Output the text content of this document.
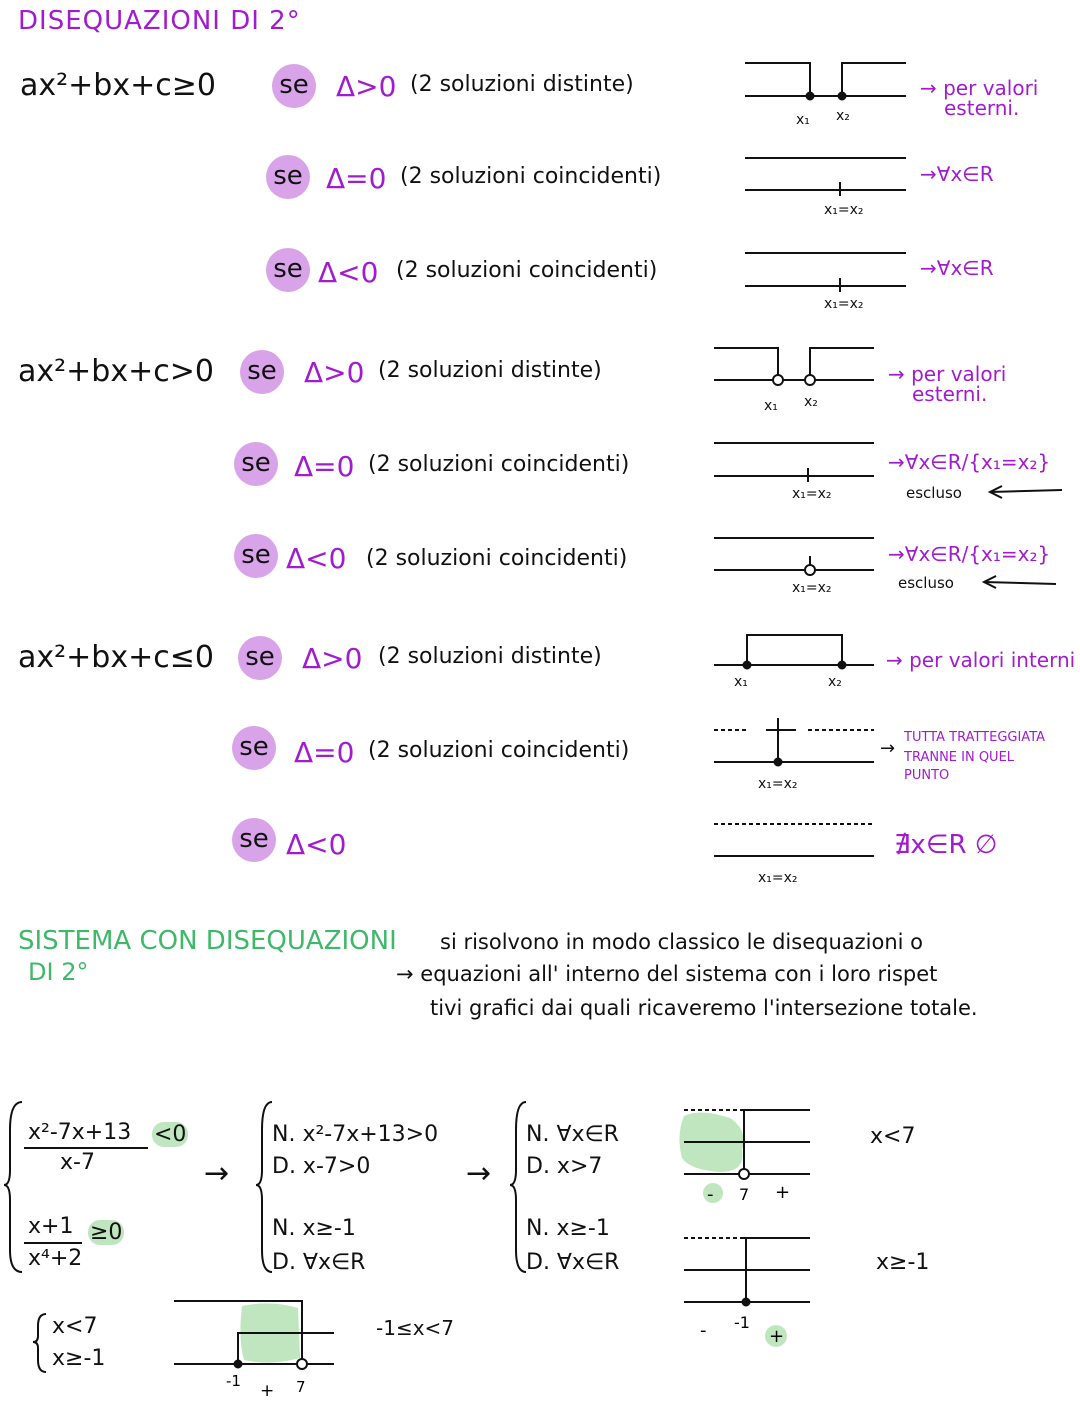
DISEQUAZIONI DI 2°
ax²+bx+c≥0 se Δ>0 (2 soluzioni distinte)	→ per valori
esterni.
se Δ=0 (2 soluzioni coincidenti)	→∀x∈R
se Δ<0 (2 soluzioni coincidenti)	→∀x∈R
ax²+bx+c>0 se Δ>0 (2 soluzioni distinte)	→ per valori
esterni.
se Δ=0 (2 soluzioni coincidenti)	→∀x∈R/{x₁=x₂}
escluso
se Δ<0 (2 soluzioni coincidenti)	→∀x∈R/{x₁=x₂}
escluso
ax²+bx+c≤0 se Δ>0 (2 soluzioni distinte)	→ per valori interni
se Δ=0 (2 soluzioni coincidenti)
TUTTA TRATTEGGIATA
TRANNE IN QUEL
PUNTO
→
se Δ<0	∄x∈R ∅
SISTEMA CON DISEQUAZIONI
DI 2°
si risolvono in modo classico le disequazioni o
→ equazioni all' interno del sistema con i loro rispet
tivi grafici dai quali ricaveremo l'intersezione totale.
x²-7x+13 <0
x-7
x+1 ≥0
x⁴+2
→	→
N. x²-7x+13>0
D. x-7>0
N. x≥-1
D. ∀x∈R
N. ∀x∈R
D. x>7
N. x≥-1
D. ∀x∈R
x<7
x≥-1
x<7
x≥-1
-1≤x<7
- 7 +
- -1
+
-1 + 7
x₁ x₂
x₁=x₂
x₁=x₂
x₁ x₂
x₁=x₂
x₁=x₂
x₁	x₂
x₁=x₂
x₁=x₂
